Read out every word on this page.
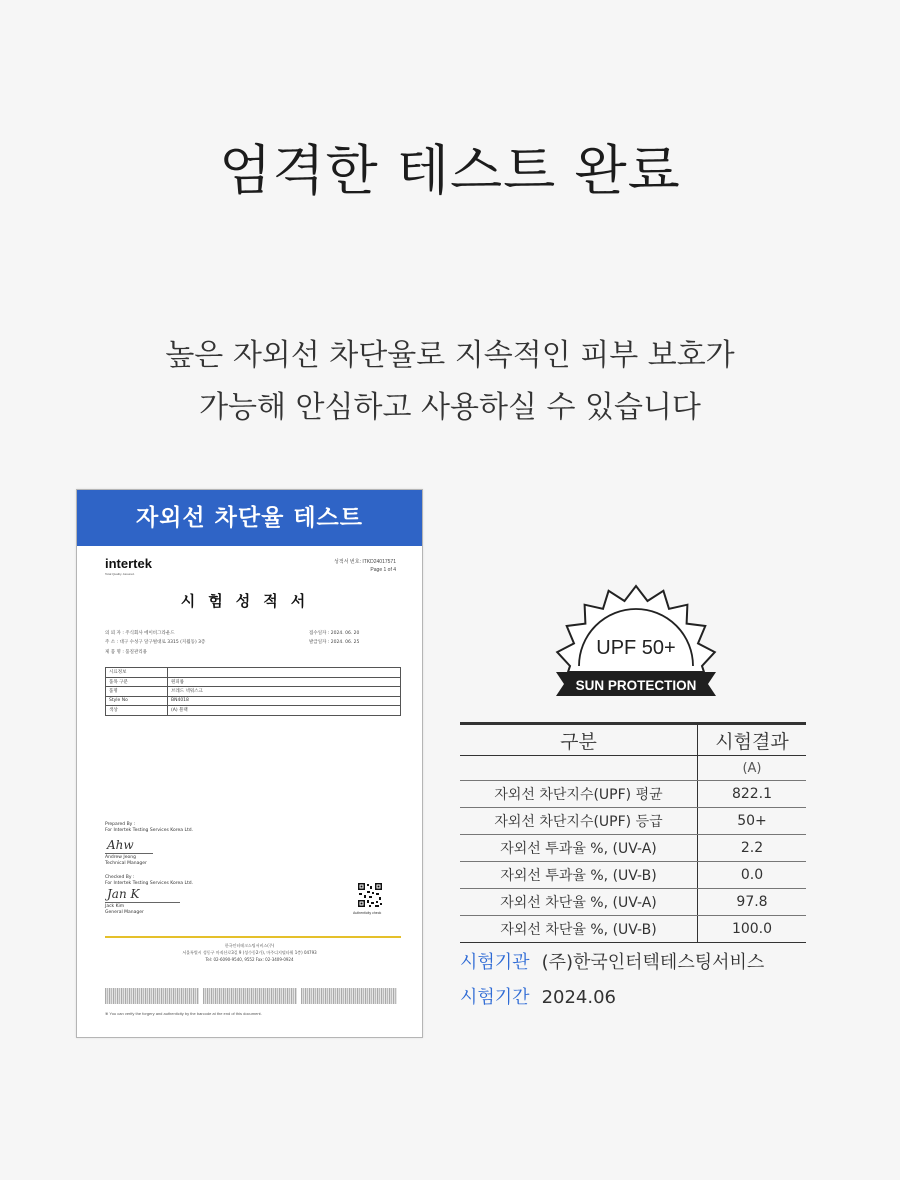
엄격한 테스트 완료
높은 자외선 차단율로 지속적인 피부 보호가
가능해 안심하고 사용하실 수 있습니다
자외선 차단율 테스트
intertek
Total Quality. Assured.
성적서 번호: ITKD24017571
Page 1 of 4
시험성적서
의 뢰 자 : 주식회사 에이비그라운드
주 소 : 대구 수성구 달구벌대로 3315 (지월동) 3층
제 품 명 : 품질관리용
접수일자 : 2024. 06. 20
발급일자 : 2024. 06. 25
시료정보	
품목 구분	원피륨
품명	브레드 넥워스크
Style No	BN4018
색상	(A) 블랙
Prepared By :
For Intertek Testing Services Korea Ltd.
Ahw
Andrew Jeong
Technical Manager
Checked By :
For Intertek Testing Services Korea Ltd.
Jan K
Jack Kim
General Manager	Authenticity check
한국인터테크스팅서비스(주)
서울특별시 성동구 마직산로3길 9 (성수동2가), 마주디지털타워 1층) 04793
Tel: 02-6090-9540, 9552 Fax: 02-3409-0924
※ You can verify the forgery and authenticity by the barcode at the end of this document.
UPF 50+
SUN PROTECTION
구분	시험결과
	(A)
자외선 차단지수(UPF) 평균	822.1
자외선 차단지수(UPF) 등급	50+
자외선 투과율 %, (UV-A)	2.2
자외선 투과율 %, (UV-B)	0.0
자외선 차단율 %, (UV-A)	97.8
자외선 차단율 %, (UV-B)	100.0
시험기관 (주)한국인터텍테스팅서비스
시험기간 2024.06
